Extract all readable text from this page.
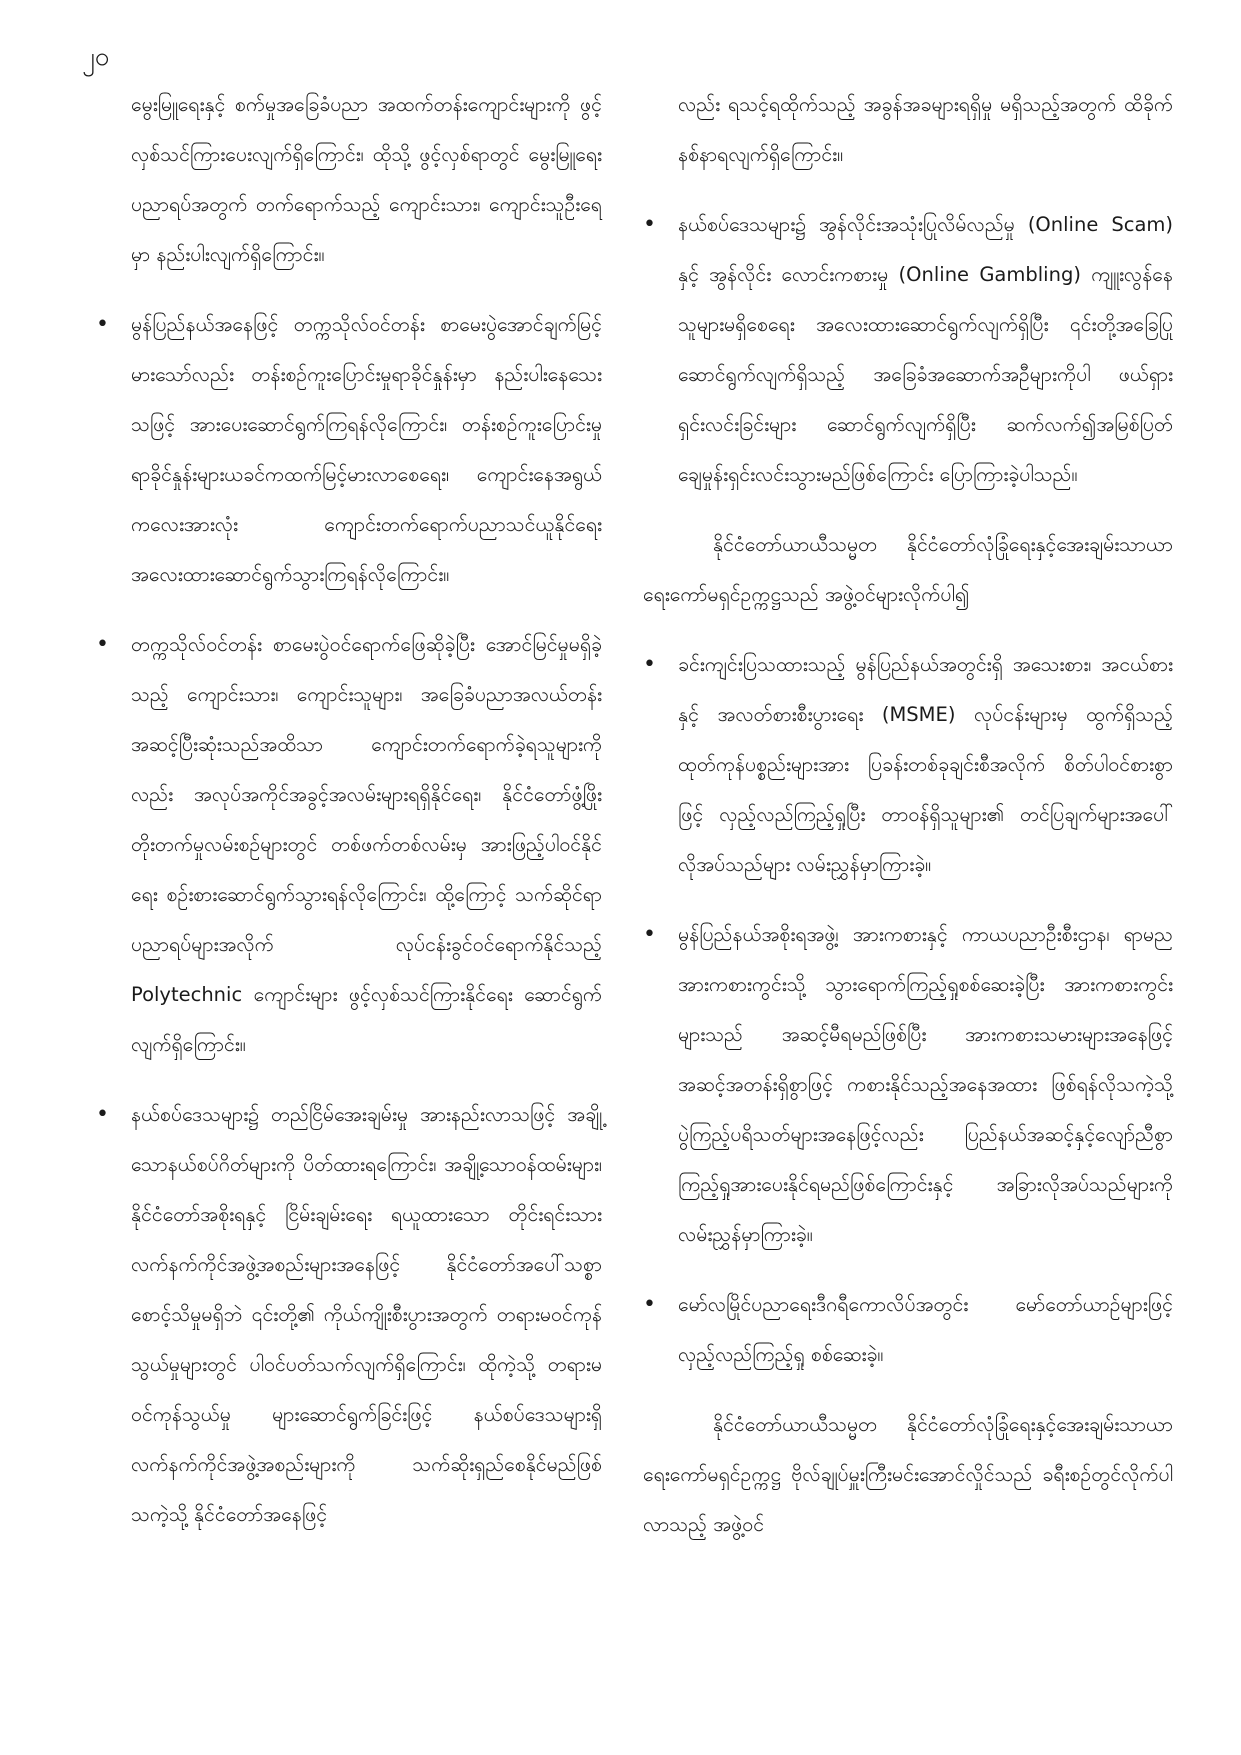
၂၀

မွေးမြူရေးနှင့် စက်မှုအခြေခံပညာ အထက်တန်းကျောင်းများကို ဖွင့်လှစ်သင်ကြားပေးလျက်ရှိကြောင်း၊ ထိုသို့ ဖွင့်လှစ်ရာတွင် မွေးမြူရေးပညာရပ်အတွက် တက်ရောက်သည့် ကျောင်းသား၊ ကျောင်းသူဦးရေမှာ နည်းပါးလျက်ရှိကြောင်း။

• မွန်ပြည်နယ်အနေဖြင့် တက္ကသိုလ်ဝင်တန်း စာမေးပွဲအောင်ချက်မြင့်မားသော်လည်း တန်းစဉ်ကူးပြောင်းမှုရာခိုင်နှုန်းမှာ နည်းပါးနေသေးသဖြင့် အားပေးဆောင်ရွက်ကြရန်လိုကြောင်း၊ တန်းစဉ်ကူးပြောင်းမှု ရာခိုင်နှုန်းများယခင်ကထက်မြင့်မားလာစေရေး၊ ကျောင်းနေအရွယ်ကလေးအားလုံး ကျောင်းတက်ရောက်ပညာသင်ယူနိုင်ရေး အလေးထားဆောင်ရွက်သွားကြရန်လိုကြောင်း။

• တက္ကသိုလ်ဝင်တန်း စာမေးပွဲဝင်ရောက်ဖြေဆိုခဲ့ပြီး အောင်မြင်မှုမရှိခဲ့သည့် ကျောင်းသား၊ ကျောင်းသူများ၊ အခြေခံပညာအလယ်တန်းအဆင့်ပြီးဆုံးသည်အထိသာ ကျောင်းတက်ရောက်ခဲ့ရသူများကိုလည်း အလုပ်အကိုင်အခွင့်အလမ်းများရရှိနိုင်ရေး၊ နိုင်ငံတော်ဖွံ့ဖြိုး တိုးတက်မှုလမ်းစဉ်များတွင် တစ်ဖက်တစ်လမ်းမှ အားဖြည့်ပါဝင်နိုင်ရေး စဉ်းစားဆောင်ရွက်သွားရန်လိုကြောင်း၊ ထို့ကြောင့် သက်ဆိုင်ရာပညာရပ်များအလိုက် လုပ်ငန်းခွင်ဝင်ရောက်နိုင်သည့် Polytechnic ကျောင်းများ ဖွင့်လှစ်သင်ကြားနိုင်ရေး ဆောင်ရွက်လျက်ရှိကြောင်း။

• နယ်စပ်ဒေသများ၌ တည်ငြိမ်အေးချမ်းမှု အားနည်းလာသဖြင့် အချို့သောနယ်စပ်ဂိတ်များကို ပိတ်ထားရကြောင်း၊ အချို့သောဝန်ထမ်းများ၊ နိုင်ငံတော်အစိုးရနှင့် ငြိမ်းချမ်းရေး ရယူထားသော တိုင်းရင်းသားလက်နက်ကိုင်အဖွဲ့အစည်းများအနေဖြင့် နိုင်ငံတော်အပေါ်သစ္စာ စောင့်သိမှုမရှိဘဲ ၎င်းတို့၏ ကိုယ်ကျိုးစီးပွားအတွက် တရားမဝင်ကုန်သွယ်မှုများတွင် ပါဝင်ပတ်သက်လျက်ရှိကြောင်း၊ ထိုကဲ့သို့ တရားမဝင်ကုန်သွယ်မှု များဆောင်ရွက်ခြင်းဖြင့် နယ်စပ်ဒေသများရှိ လက်နက်ကိုင်အဖွဲ့အစည်းများကို သက်ဆိုးရှည်စေနိုင်မည်ဖြစ်သကဲ့သို့ နိုင်ငံတော်အနေဖြင့်

လည်း ရသင့်ရထိုက်သည့် အခွန်အခများရရှိမှု မရှိသည့်အတွက် ထိခိုက်နစ်နာရလျက်ရှိကြောင်း။

• နယ်စပ်ဒေသများ၌ အွန်လိုင်းအသုံးပြုလိမ်လည်မှု (Online Scam) နှင့် အွန်လိုင်း လောင်းကစားမှု (Online Gambling) ကျူးလွန်နေသူများမရှိစေရေး အလေးထားဆောင်ရွက်လျက်ရှိပြီး ၎င်းတို့အခြေပြုဆောင်ရွက်လျက်ရှိသည့် အခြေခံအဆောက်အဦများကိုပါ ဖယ်ရှားရှင်းလင်းခြင်းများ ဆောင်ရွက်လျက်ရှိပြီး ဆက်လက်၍အမြစ်ပြတ်ချေမှုန်းရှင်းလင်းသွားမည်ဖြစ်ကြောင်း ပြောကြားခဲ့ပါသည်။

နိုင်ငံတော်ယာယီသမ္မတ နိုင်ငံတော်လုံခြုံရေးနှင့်အေးချမ်းသာယာရေးကော်မရှင်ဥက္ကဋ္ဌသည် အဖွဲ့ဝင်များလိုက်ပါ၍

• ခင်းကျင်းပြသထားသည့် မွန်ပြည်နယ်အတွင်းရှိ အသေးစား၊ အငယ်စားနှင့် အလတ်စားစီးပွားရေး (MSME) လုပ်ငန်းများမှ ထွက်ရှိသည့် ထုတ်ကုန်ပစ္စည်းများအား ပြခန်းတစ်ခုချင်းစီအလိုက် စိတ်ပါဝင်စားစွာဖြင့် လှည့်လည်ကြည့်ရှုပြီး တာဝန်ရှိသူများ၏ တင်ပြချက်များအပေါ် လိုအပ်သည်များ လမ်းညွှန်မှာကြားခဲ့။

• မွန်ပြည်နယ်အစိုးရအဖွဲ့၊ အားကစားနှင့် ကာယပညာဦးစီးဌာန၊ ရာမညအားကစားကွင်းသို့ သွားရောက်ကြည့်ရှုစစ်ဆေးခဲ့ပြီး အားကစားကွင်းများသည် အဆင့်မီရမည်ဖြစ်ပြီး အားကစားသမားများအနေဖြင့် အဆင့်အတန်းရှိစွာဖြင့် ကစားနိုင်သည့်အနေအထား ဖြစ်ရန်လိုသကဲ့သို့ ပွဲကြည့်ပရိသတ်များအနေဖြင့်လည်း ပြည်နယ်အဆင့်နှင့်လျော်ညီစွာ ကြည့်ရှုအားပေးနိုင်ရမည်ဖြစ်ကြောင်းနှင့် အခြားလိုအပ်သည်များကို လမ်းညွှန်မှာကြားခဲ့။

• မော်လမြိုင်ပညာရေးဒီဂရီကောလိပ်အတွင်း မော်တော်ယာဉ်များဖြင့်လှည့်လည်ကြည့်ရှု စစ်ဆေးခဲ့။

နိုင်ငံတော်ယာယီသမ္မတ နိုင်ငံတော်လုံခြုံရေးနှင့်အေးချမ်းသာယာရေးကော်မရှင်ဥက္ကဋ္ဌ ဗိုလ်ချုပ်မှူးကြီးမင်းအောင်လှိုင်သည် ခရီးစဉ်တွင်လိုက်ပါလာသည့် အဖွဲ့ဝင်
